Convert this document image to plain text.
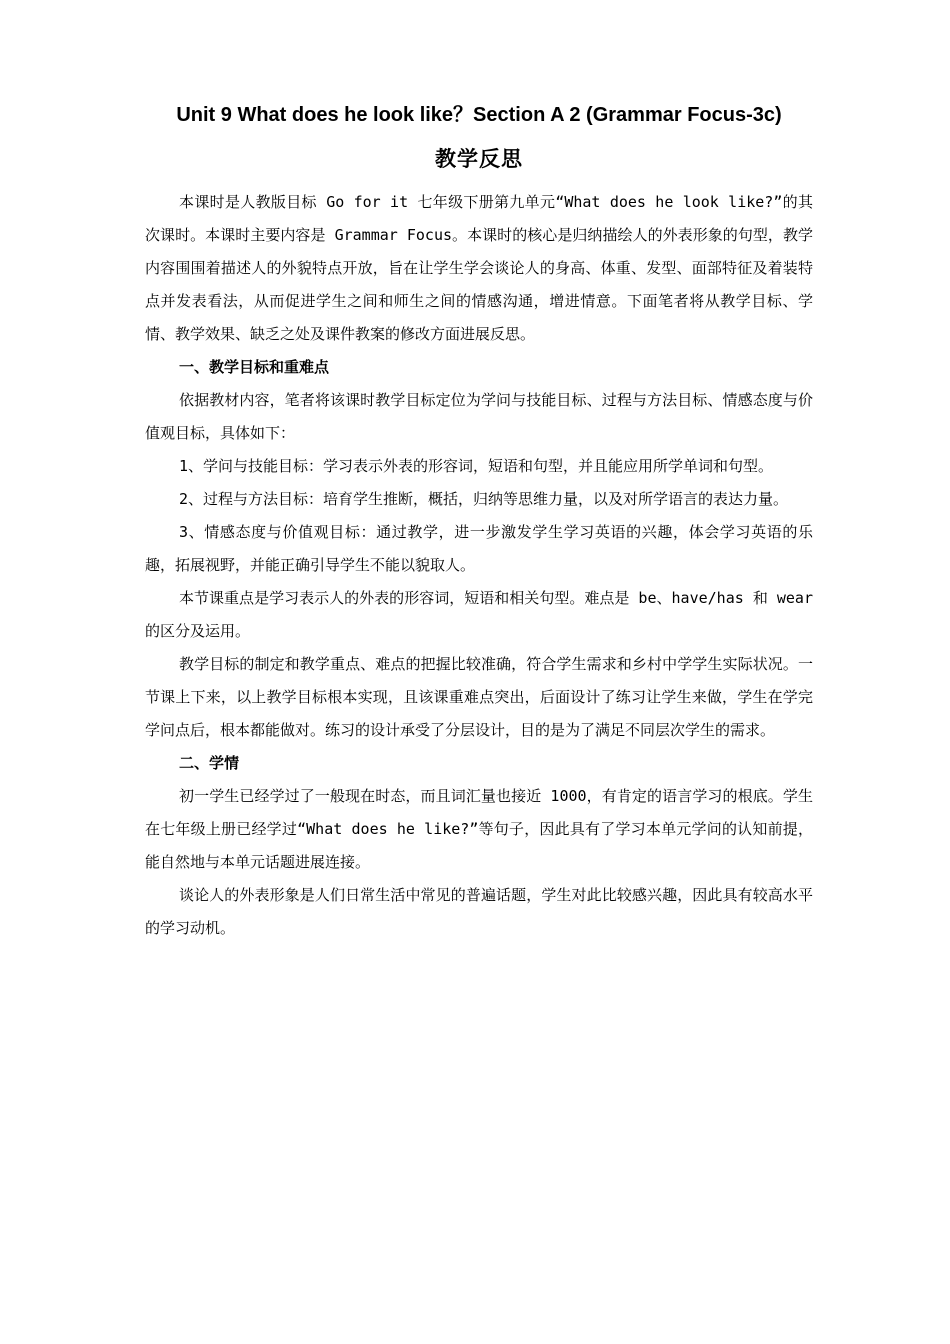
Unit 9 What does he look like？Section A 2 (Grammar Focus-3c)
教学反思

本课时是人教版目标 Go for it 七年级下册第九单元“What does he look like?”的其次课时。本课时主要内容是 Grammar Focus。本课时的核心是归纳描绘人的外表形象的句型，教学内容围围着描述人的外貌特点开放，旨在让学生学会谈论人的身高、体重、发型、面部特征及着装特点并发表看法，从而促进学生之间和师生之间的情感沟通，增进情意。下面笔者将从教学目标、学情、教学效果、缺乏之处及课件教案的修改方面进展反思。

一、教学目标和重难点

依据教材内容，笔者将该课时教学目标定位为学问与技能目标、过程与方法目标、情感态度与价值观目标，具体如下：

1、学问与技能目标：学习表示外表的形容词，短语和句型，并且能应用所学单词和句型。

2、过程与方法目标：培育学生推断，概括，归纳等思维力量，以及对所学语言的表达力量。

3、情感态度与价值观目标：通过教学，进一步激发学生学习英语的兴趣，体会学习英语的乐趣，拓展视野，并能正确引导学生不能以貌取人。

本节课重点是学习表示人的外表的形容词，短语和相关句型。难点是 be、have/has 和 wear 的区分及运用。

教学目标的制定和教学重点、难点的把握比较准确，符合学生需求和乡村中学学生实际状况。一节课上下来，以上教学目标根本实现，且该课重难点突出，后面设计了练习让学生来做，学生在学完学问点后，根本都能做对。练习的设计承受了分层设计，目的是为了满足不同层次学生的需求。

二、学情

初一学生已经学过了一般现在时态，而且词汇量也接近 1000，有肯定的语言学习的根底。学生在七年级上册已经学过“What does he like?”等句子，因此具有了学习本单元学问的认知前提，能自然地与本单元话题进展连接。

谈论人的外表形象是人们日常生活中常见的普遍话题，学生对此比较感兴趣，因此具有较高水平的学习动机。
